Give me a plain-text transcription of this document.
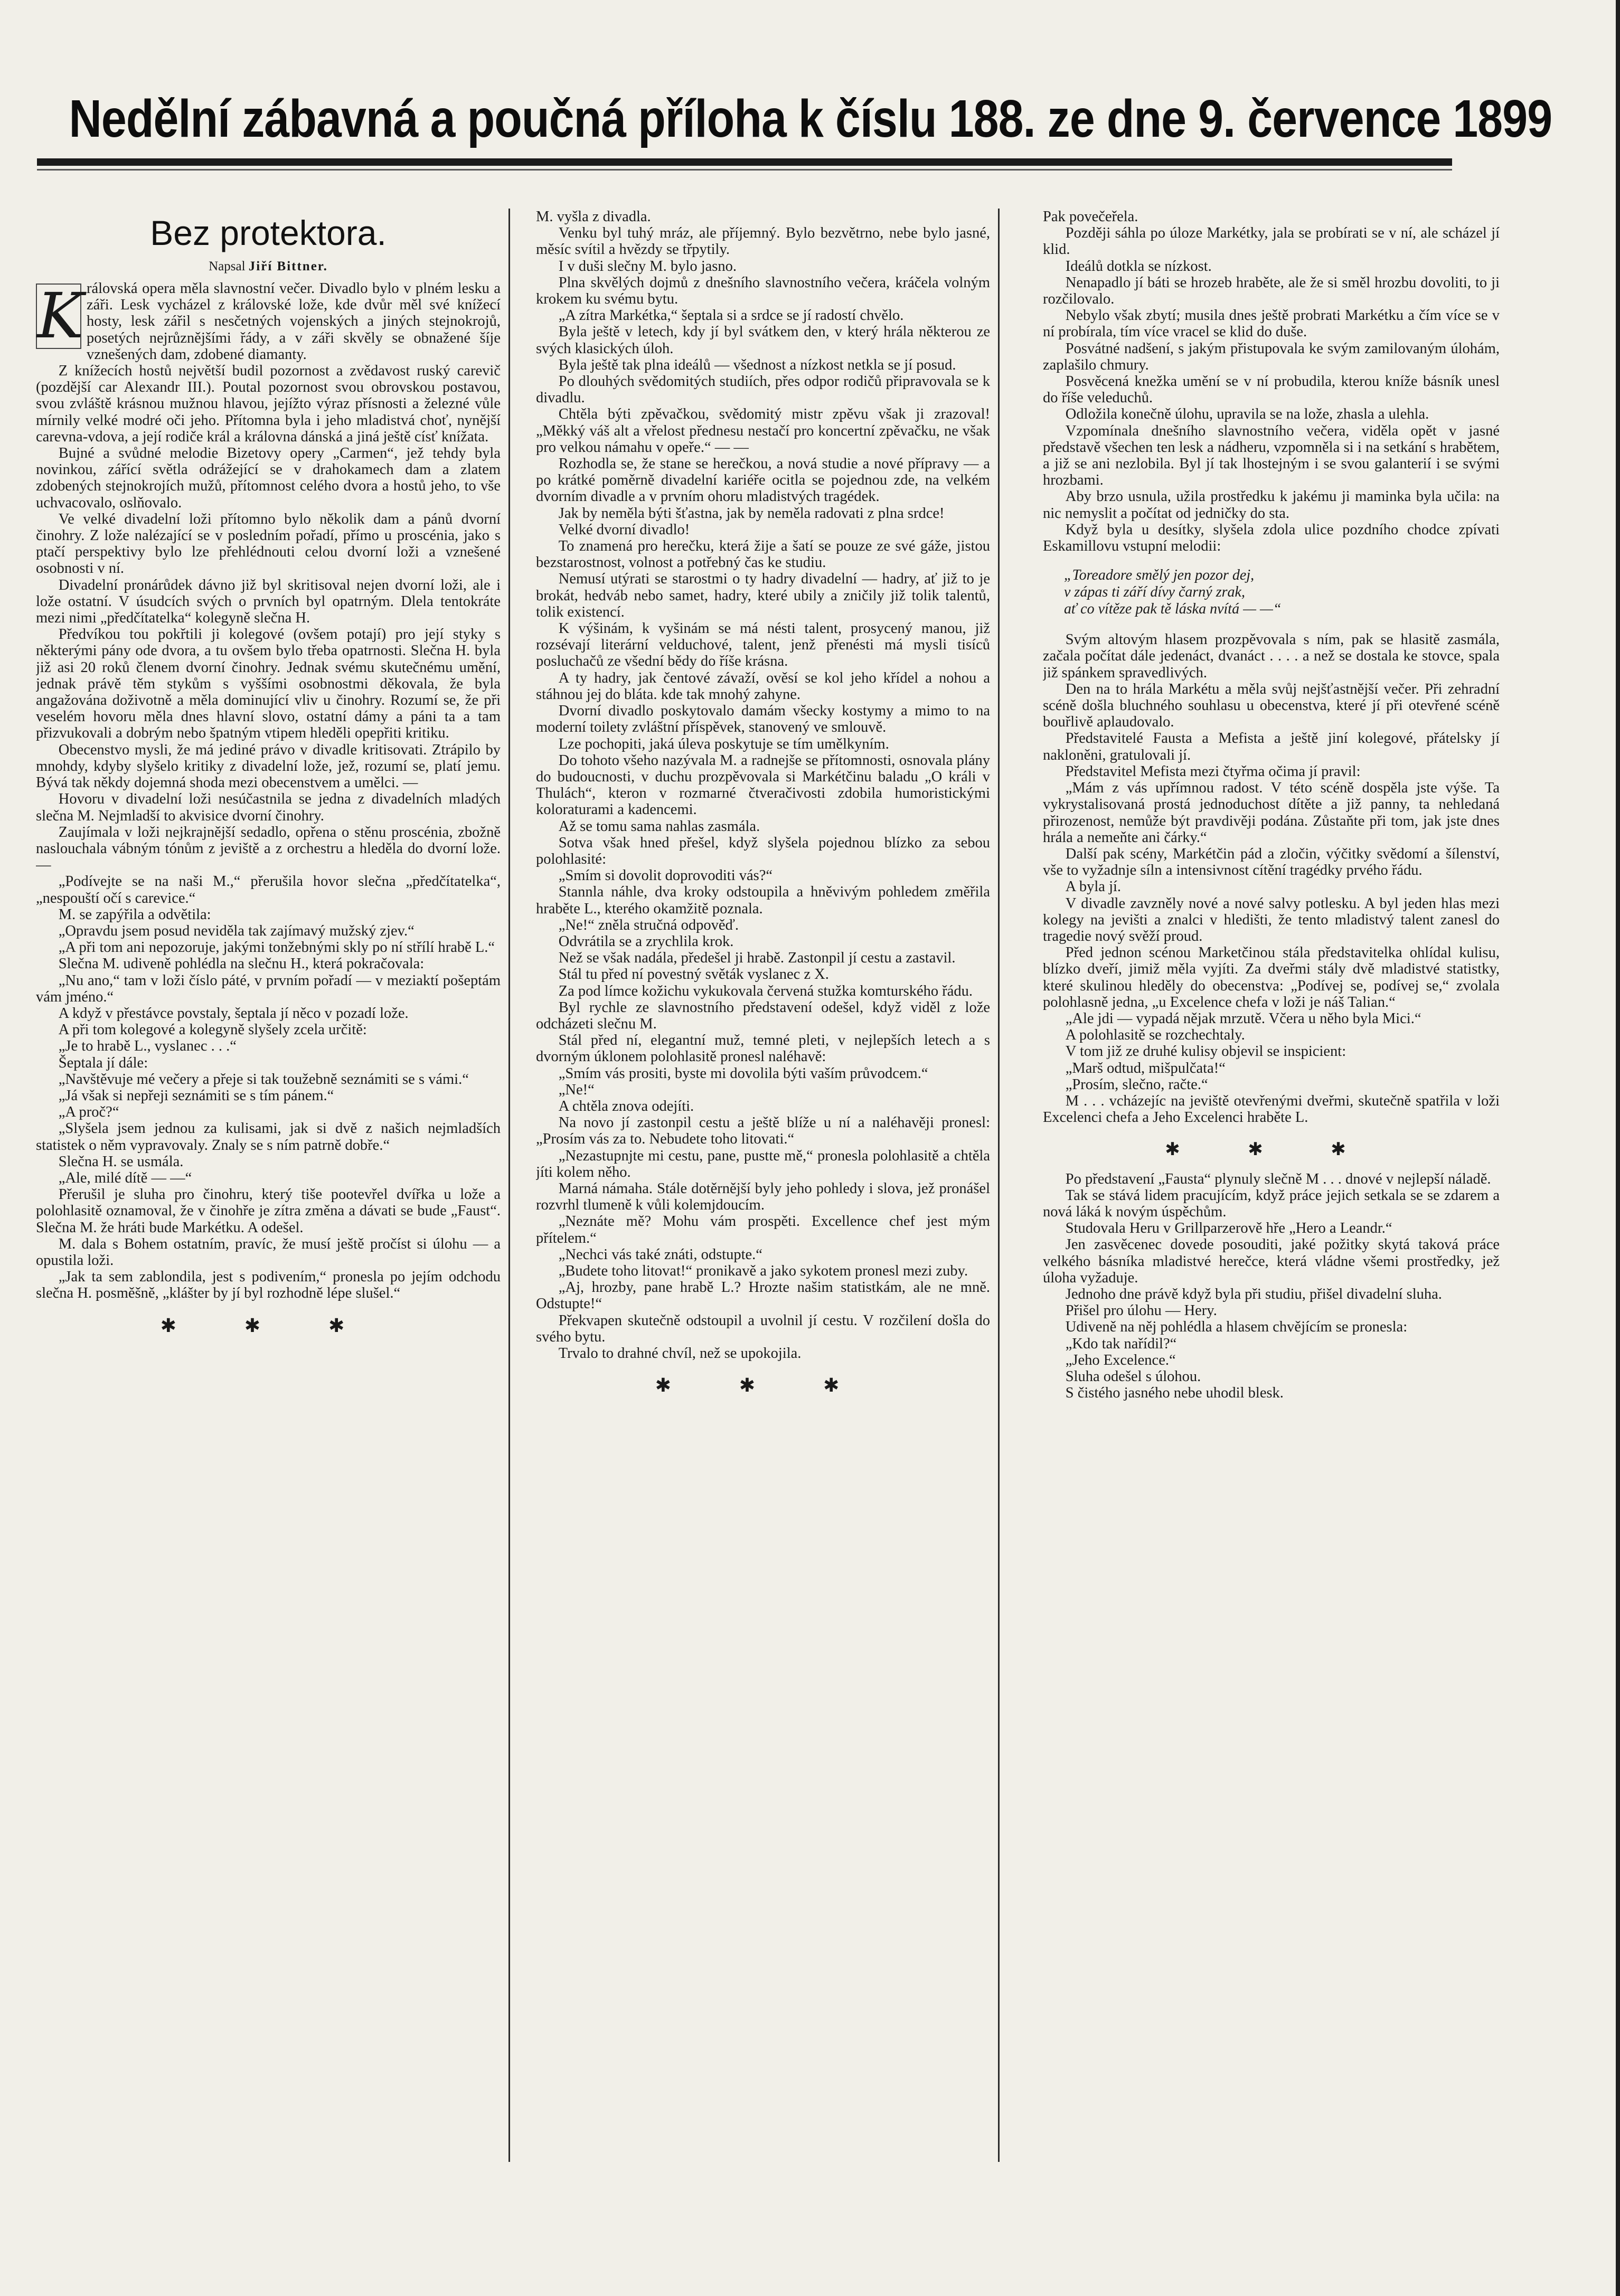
Nedělní zábavná a poučná příloha k číslu 188. ze dne 9. července 1899
Bez protektora.
Napsal Jiří Bittner.
K rálovská opera měla slavnostní večer. Divadlo bylo v plném lesku a záři. Lesk vycházel z královské lože, kde dvůr měl své knížecí hosty, lesk zářil s nesčetných vojenských a jiných stejnokrojů, posetých nejrůznějšími řády, a v záři skvěly se obnažené šíje vznešených dam, zdobené diamanty.

Z knížecích hostů největší budil pozornost a zvědavost ruský carevič (pozdější car Alexandr III.). Poutal pozornost svou obrovskou postavou, svou zvláště krásnou mužnou hlavou, jejížto výraz přísnosti a železné vůle mírnily velké modré oči jeho. Přítomna byla i jeho mladistvá choť, nynější carevna-vdova, a její rodiče král a královna dánská a jiná ještě císť knížata.

Bujné a svůdné melodie Bizetovy opery „Carmen“, jež tehdy byla novinkou, zářící světla odrážející se v drahokamech dam a zlatem zdobených stejnokrojích mužů, přítomnost celého dvora a hostů jeho, to vše uchvacovalo, oslňovalo.

Ve velké divadelní loži přítomno bylo několik dam a pánů dvorní činohry. Z lože nalézající se v posledním pořadí, přímo u proscénia, jako s ptačí perspektivy bylo lze přehlédnouti celou dvorní loži a vznešené osobnosti v ní.

Divadelní pronárůdek dávno již byl skritisoval nejen dvorní loži, ale i lože ostatní. V úsudcích svých o prvních byl opatrným. Dlela tentokráte mezi nimi „předčítatelka“ kolegyně slečna H.

Předvíkou tou pokřtili ji kolegové (ovšem potají) pro její styky s některými pány ode dvora, a tu ovšem bylo třeba opatrnosti. Slečna H. byla již asi 20 roků členem dvorní činohry. Jednak svému skutečnému umění, jednak právě těm stykům s vyššími osobnostmi děkovala, že byla angažována doživotně a měla dominující vliv u činohry. Rozumí se, že při veselém hovoru měla dnes hlavní slovo, ostatní dámy a páni ta a tam přizvukovali a dobrým nebo špatným vtipem hleděli opepřiti kritiku.

Obecenstvo mysli, že má jediné právo v divadle kritisovati. Ztrápilo by mnohdy, kdyby slyšelo kritiky z divadelní lože, jež, rozumí se, platí jemu. Bývá tak někdy dojemná shoda mezi obecenstvem a umělci. —

Hovoru v divadelní loži nesúčastnila se jedna z divadelních mladých slečna M. Nejmladší to akvisice dvorní činohry.

Zaujímala v loži nejkrajnější sedadlo, opřena o stěnu proscénia, zbožně naslouchala vábným tónům z jeviště a z orchestru a hleděla do dvorní lože. —

„Podívejte se na naši M.,“ přerušila hovor slečna „předčítatelka“, „nespouští očí s carevice.“

M. se zapýřila a odvětila:

„Opravdu jsem posud neviděla tak zajímavý mužský zjev.“

„A při tom ani nepozoruje, jakými tonžebnými skly po ní střílí hrabě L.“

Slečna M. udiveně pohlédla na slečnu H., která pokračovala:

„Nu ano,“ tam v loži číslo páté, v prvním pořadí — v meziaktí pošeptám vám jméno.“

A když v přestávce povstaly, šeptala jí něco v pozadí lože.

A při tom kolegové a kolegyně slyšely zcela určitě:

„Je to hrabě L., vyslanec . . .“

Šeptala jí dále:

„Navštěvuje mé večery a přeje si tak toužebně seznámiti se s vámi.“

„Já však si nepřeji seznámiti se s tím pánem.“

„A proč?“

„Slyšela jsem jednou za kulisami, jak si dvě z našich nejmladších statistek o něm vypravovaly. Znaly se s ním patrně dobře.“

Slečna H. se usmála.

„Ale, milé dítě — —“

Přerušil je sluha pro činohru, který tiše pootevřel dvířka u lože a polohlasitě oznamoval, že v činohře je zítra změna a dávati se bude „Faust“. Slečna M. že hráti bude Markétku. A odešel.

M. dala s Bohem ostatním, pravíc, že musí ještě pročíst si úlohu — a opustila loži.

„Jak ta sem zablondila, jest s podivením,“ pronesla po jejím odchodu slečna H. posměšně, „klášter by jí byl rozhodně lépe slušel.“

✱ ✱ ✱

M. vyšla z divadla.

Venku byl tuhý mráz, ale příjemný. Bylo bezvětrno, nebe bylo jasné, měsíc svítil a hvězdy se třpytily.

I v duši slečny M. bylo jasno.

Plna skvělých dojmů z dnešního slavnostního večera, kráčela volným krokem ku svému bytu.

„A zítra Markétka,“ šeptala si a srdce se jí radostí chvělo.

Byla ještě v letech, kdy jí byl svátkem den, v který hrála některou ze svých klasických úloh.

Byla ještě tak plna ideálů — všednost a nízkost netkla se jí posud.

Po dlouhých svědomitých studiích, přes odpor rodičů připravovala se k divadlu.

Chtěla býti zpěvačkou, svědomitý mistr zpěvu však ji zrazoval! „Měkký váš alt a vřelost přednesu nestačí pro koncertní zpěvačku, ne však pro velkou námahu v opeře.“ — —

Rozhodla se, že stane se herečkou, a nová studie a nové přípravy — a po krátké poměrně divadelní kariéře ocitla se pojednou zde, na velkém dvorním divadle a v prvním ohoru mladistvých tragédek.

Jak by neměla býti šťastna, jak by neměla radovati z plna srdce!

Velké dvorní divadlo!

To znamená pro herečku, která žije a šatí se pouze ze své gáže, jistou bezstarostnost, volnost a potřebný čas ke studiu.

Nemusí utýrati se starostmi o ty hadry divadelní — hadry, ať již to je brokát, hedváb nebo samet, hadry, které ubily a zničily již tolik talentů, tolik existencí.

K výšinám, k vyšinám se má nésti talent, prosycený manou, již rozsévají literární velduchové, talent, jenž přenésti má mysli tisíců posluchačů ze všední bědy do říše krásna.

A ty hadry, jak čentové závaží, ověsí se kol jeho křídel a nohou a stáhnou jej do bláta. kde tak mnohý zahyne.

Dvorní divadlo poskytovalo damám všecky kostymy a mimo to na moderní toilety zvláštní příspěvek, stanovený ve smlouvě.

Lze pochopiti, jaká úleva poskytuje se tím umělkyním.

Do tohoto všeho nazývala M. a radnejše se přítomnosti, osnovala plány do budoucnosti, v duchu prozpěvovala si Markétčinu baladu „O králi v Thulách“, kteron v rozmarné čtveračivosti zdobila humoristickými koloraturami a kadencemi.

Až se tomu sama nahlas zasmála.

Sotva však hned přešel, když slyšela pojednou blízko za sebou polohlasité:

„Smím si dovolit doprovoditi vás?“

Stannla náhle, dva kroky odstoupila a hněvivým pohledem změřila hraběte L., kterého okamžitě poznala.

„Ne!“ zněla stručná odpověď.

Odvrátila se a zrychlila krok.

Než se však nadála, předešel ji hrabě. Zastonpil jí cestu a zastavil.

Stál tu před ní povestný světák vyslanec z X.

Za pod límce kožichu vykukovala červená stužka komturského řádu.

Byl rychle ze slavnostního představení odešel, když viděl z lože odcházeti slečnu M.

Stál před ní, elegantní muž, temné pleti, v nejlepších letech a s dvorným úklonem polohlasitě pronesl naléhavě:

„Smím vás prositi, byste mi dovolila býti vaším průvodcem.“

„Ne!“

A chtěla znova odejíti.

Na novo jí zastonpil cestu a ještě blíže u ní a naléhavěji pronesl: „Prosím vás za to. Nebudete toho litovati.“

„Nezastupnjte mi cestu, pane, pustte mě,“ pronesla polohlasitě a chtěla jíti kolem něho.

Marná námaha. Stále dotěrnější byly jeho pohledy i slova, jež pronášel rozvrhl tlumeně k vůli kolemjdoucím.

„Neznáte mě? Mohu vám prospěti. Excellence chef jest mým přítelem.“

„Nechci vás také znáti, odstupte.“

„Budete toho litovat!“ pronikavě a jako sykotem pronesl mezi zuby.

„Aj, hrozby, pane hrabě L.? Hrozte našim statistkám, ale ne mně. Odstupte!“

Překvapen skutečně odstoupil a uvolnil jí cestu. V rozčilení došla do svého bytu.

Trvalo to drahné chvíl, než se upokojila.

✱ ✱ ✱

Pak povečeřela.

Později sáhla po úloze Markétky, jala se probírati se v ní, ale scházel jí klid.

Ideálů dotkla se nízkost.

Nenapadlo jí báti se hrozeb hraběte, ale že si směl hrozbu dovoliti, to ji rozčilovalo.

Nebylo však zbytí; musila dnes ještě probrati Markétku a čím více se v ní probírala, tím více vracel se klid do duše.

Posvátné nadšení, s jakým přistupovala ke svým zamilovaným úlohám, zaplašilo chmury.

Posvěcená knežka umění se v ní probudila, kterou kníže básník unesl do říše veleduchů.

Odložila konečně úlohu, upravila se na lože, zhasla a ulehla.

Vzpomínala dnešního slavnostního večera, viděla opět v jasné představě všechen ten lesk a nádheru, vzpomněla si i na setkání s hrabětem, a již se ani nezlobila. Byl jí tak lhostejným i se svou galanterií i se svými hrozbami.

Aby brzo usnula, užila prostředku k jakému ji maminka byla učila: na nic nemyslit a počítat od jedničky do sta.

Když byla u desítky, slyšela zdola ulice pozdního chodce zpívati Eskamillovu vstupní melodii:

„Toreadore smělý jen pozor dej,
v zápas ti září dívy čarný zrak,
ať co vítěze pak tě láska nvítá — —“

Svým altovým hlasem prozpěvovala s ním, pak se hlasitě zasmála, začala počítat dále jedenáct, dvanáct . . . . a než se dostala ke stovce, spala již spánkem spravedlivých.

Den na to hrála Markétu a měla svůj nejšťastnější večer. Při zehradní scéně došla bluchného souhlasu u obecenstva, které jí při otevřené scéně bouřlivě aplaudovalo.

Představitelé Fausta a Mefista a ještě jiní kolegové, přátelsky jí nakloněni, gratulovali jí.

Představitel Mefista mezi čtyřma očima jí pravil:

„Mám z vás upřímnou radost. V této scéně dospěla jste výše. Ta vykrystalisovaná prostá jednoduchost dítěte a již panny, ta nehledaná přirozenost, nemůže být pravdivěji podána. Zůstaňte při tom, jak jste dnes hrála a nemeňte ani čárky.“

Další pak scény, Markétčin pád a zločin, výčitky svědomí a šílenství, vše to vyžadnje síln a intensivnost cítění tragédky prvého řádu.

A byla jí.

V divadle zavzněly nové a nové salvy potlesku. A byl jeden hlas mezi kolegy na jevišti a znalci v hledišti, že tento mladistvý talent zanesl do tragedie nový svěží proud.

Před jednon scénou Marketčinou stála představitelka ohlídal kulisu, blízko dveří, jimiž měla vyjíti. Za dveřmi stály dvě mladistvé statistky, které skulinou hleděly do obecenstva: „Podívej se, podívej se,“ zvolala polohlasně jedna, „u Excelence chefa v loži je náš Talian.“

„Ale jdi — vypadá nějak mrzutě. Včera u něho byla Mici.“

A polohlasitě se rozchechtaly.

V tom již ze druhé kulisy objevil se inspicient:

„Marš odtud, mišpulčata!“

„Prosím, slečno, račte.“

M . . . vcházejíc na jeviště otevřenými dveřmi, skutečně spatřila v loži Excelenci chefa a Jeho Excelenci hraběte L.

✱ ✱ ✱

Po představení „Fausta“ plynuly slečně M . . . dnové v nejlepší náladě.

Tak se stává lidem pracujícím, když práce jejich setkala se se zdarem a nová láká k novým úspěchům.

Studovala Heru v Grillparzerově hře „Hero a Leandr.“

Jen zasvěcenec dovede posouditi, jaké požitky skytá taková práce velkého básníka mladistvé herečce, která vládne všemi prostředky, jež úloha vyžaduje.

Jednoho dne právě když byla při studiu, přišel divadelní sluha.

Přišel pro úlohu — Hery.

Udiveně na něj pohlédla a hlasem chvějícím se pronesla:

„Kdo tak nařídil?“

„Jeho Excelence.“

Sluha odešel s úlohou.

S čistého jasného nebe uhodil blesk.
